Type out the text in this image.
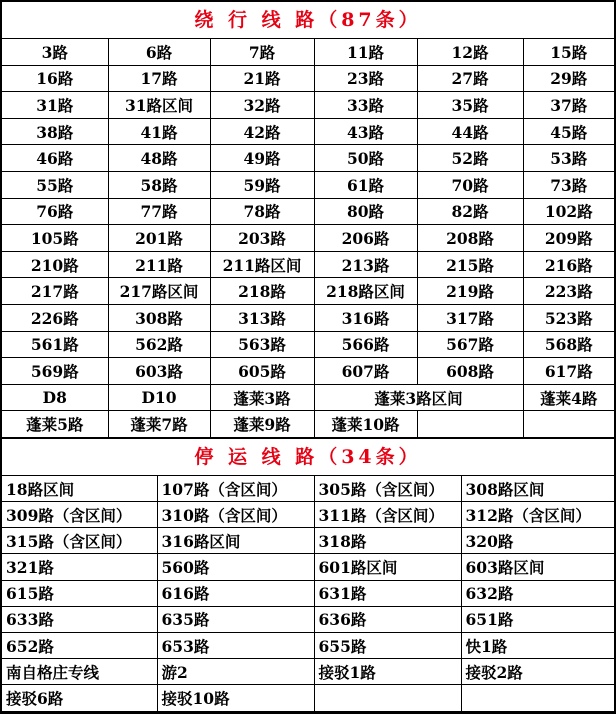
绕 行 线 路（87条）
3路	6路	7路	11路	12路	15路
16路	17路	21路	23路	27路	29路
31路	31路区间	32路	33路	35路	37路
38路	41路	42路	43路	44路	45路
46路	48路	49路	50路	52路	53路
55路	58路	59路	61路	70路	73路
76路	77路	78路	80路	82路	102路
105路	201路	203路	206路	208路	209路
210路	211路	211路区间	213路	215路	216路
217路	217路区间	218路	218路区间	219路	223路
226路	308路	313路	316路	317路	523路
561路	562路	563路	566路	567路	568路
569路	603路	605路	607路	608路	617路
D8	D10	蓬莱3路	蓬莱3路区间		蓬莱4路
蓬莱5路	蓬莱7路	蓬莱9路	蓬莱10路		
停 运 线 路（34条）
18路区间	107路（含区间）	305路（含区间）	308路区间
309路（含区间）	310路（含区间）	311路（含区间）	312路（含区间）
315路（含区间）	316路区间	318路	320路
321路	560路	601路区间	603路区间
615路	616路	631路	632路
633路	635路	636路	651路
652路	653路	655路	快1路
南自格庄专线	游2	接驳1路	接驳2路
接驳6路	接驳10路		
